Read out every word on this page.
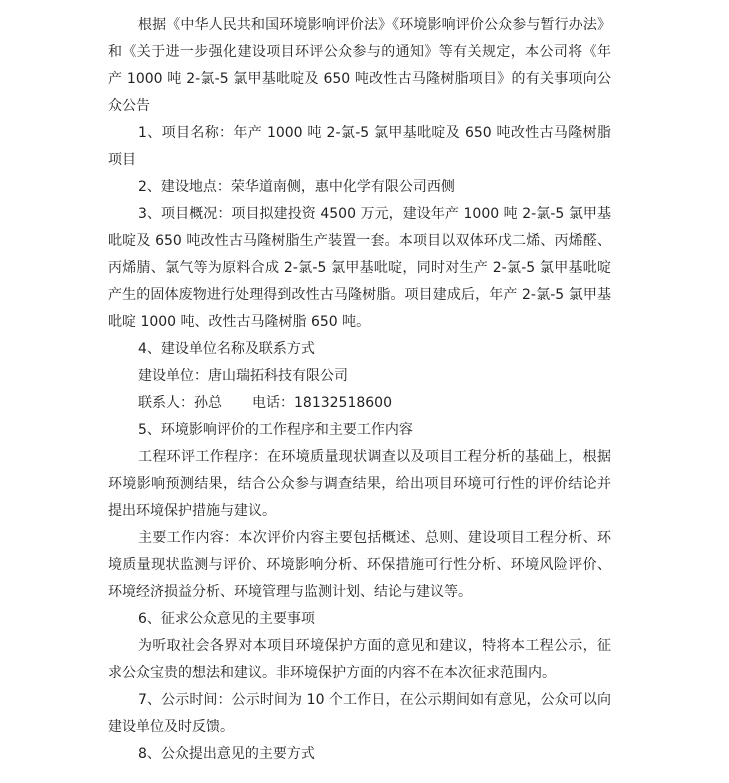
根据《中华人民共和国环境影响评价法》《环境影响评价公众参与暂行办法》和《关于进一步强化建设项目环评公众参与的通知》等有关规定，本公司将《年产 1000 吨 2-氯-5 氯甲基吡啶及 650 吨改性古马隆树脂项目》的有关事项向公众公告

1、项目名称：年产 1000 吨 2-氯-5 氯甲基吡啶及 650 吨改性古马隆树脂项目

2、建设地点：荣华道南侧，惠中化学有限公司西侧

3、项目概况：项目拟建投资 4500 万元，建设年产 1000 吨 2-氯-5 氯甲基吡啶及 650 吨改性古马隆树脂生产装置一套。本项目以双体环戊二烯、丙烯醛、丙烯腈、氯气等为原料合成 2-氯-5 氯甲基吡啶，同时对生产 2-氯-5 氯甲基吡啶产生的固体废物进行处理得到改性古马隆树脂。项目建成后，年产 2-氯-5 氯甲基吡啶 1000 吨、改性古马隆树脂 650 吨。

4、建设单位名称及联系方式

建设单位：唐山瑞拓科技有限公司

联系人：孙总 电话：18132518600

5、环境影响评价的工作程序和主要工作内容

工程环评工作程序：在环境质量现状调查以及项目工程分析的基础上，根据环境影响预测结果，结合公众参与调查结果，给出项目环境可行性的评价结论并提出环境保护措施与建议。

主要工作内容：本次评价内容主要包括概述、总则、建设项目工程分析、环境质量现状监测与评价、环境影响分析、环保措施可行性分析、环境风险评价、环境经济损益分析、环境管理与监测计划、结论与建议等。

6、征求公众意见的主要事项

为听取社会各界对本项目环境保护方面的意见和建议，特将本工程公示，征求公众宝贵的想法和建议。非环境保护方面的内容不在本次征求范围内。

7、公示时间：公示时间为 10 个工作日，在公示期间如有意见，公众可以向建设单位及时反馈。

8、公众提出意见的主要方式
